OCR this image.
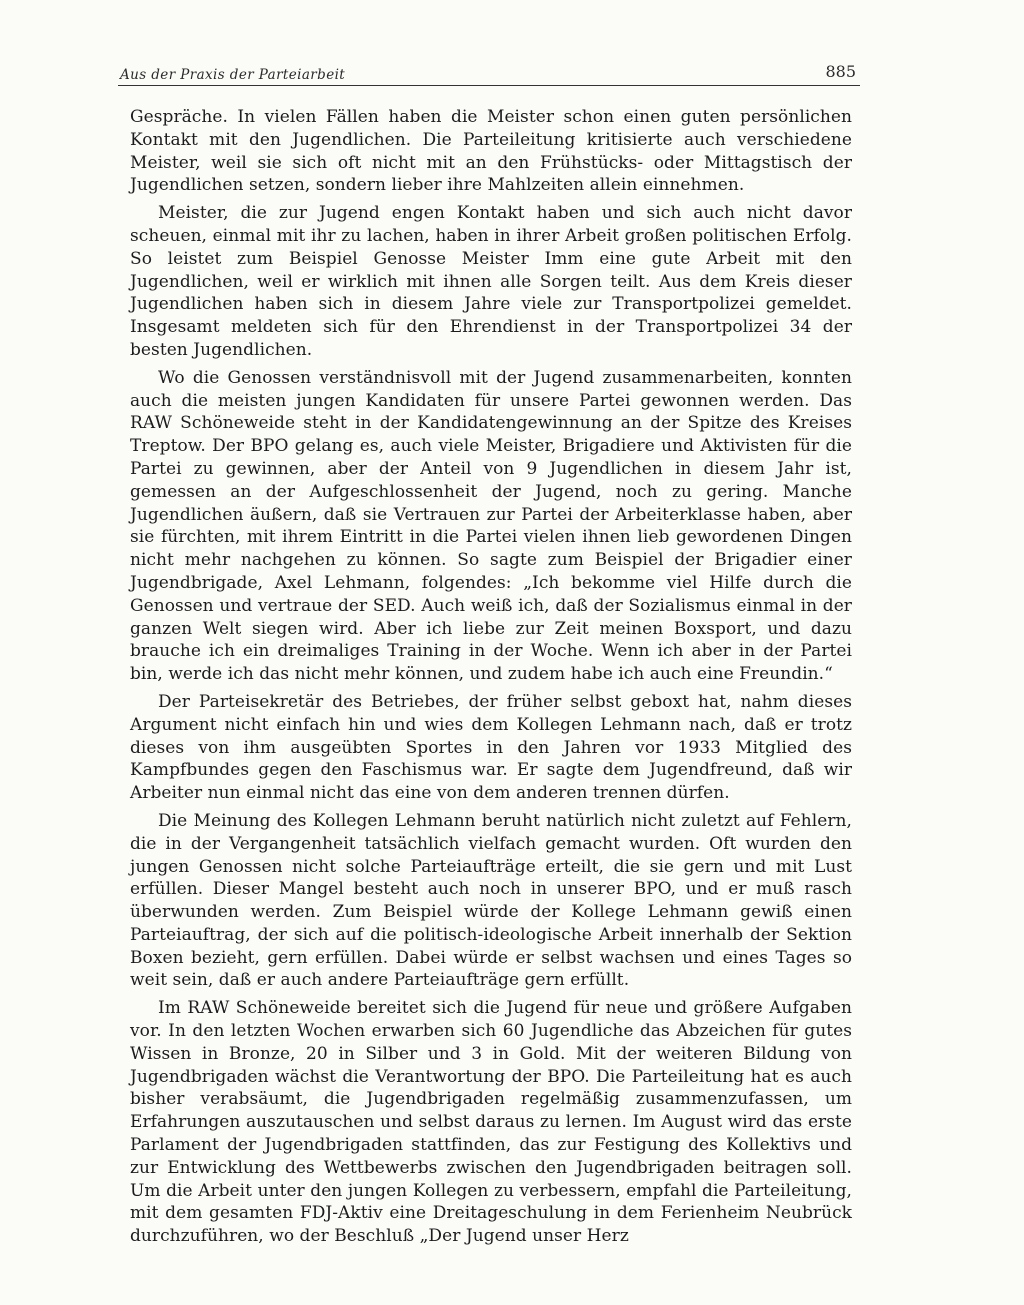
Aus der Praxis der Parteiarbeit	885

Gespräche. In vielen Fällen haben die Meister schon einen guten persönlichen Kontakt mit den Jugendlichen. Die Parteileitung kritisierte auch verschiedene Meister, weil sie sich oft nicht mit an den Frühstücks- oder Mittagstisch der Jugendlichen setzen, sondern lieber ihre Mahlzeiten allein einnehmen.

Meister, die zur Jugend engen Kontakt haben und sich auch nicht davor scheuen, einmal mit ihr zu lachen, haben in ihrer Arbeit großen politischen Erfolg. So leistet zum Beispiel Genosse Meister Imm eine gute Arbeit mit den Jugendlichen, weil er wirklich mit ihnen alle Sorgen teilt. Aus dem Kreis dieser Jugendlichen haben sich in diesem Jahre viele zur Transportpolizei gemeldet. Insgesamt meldeten sich für den Ehrendienst in der Transportpolizei 34 der besten Jugendlichen.

Wo die Genossen verständnisvoll mit der Jugend zusammenarbeiten, konnten auch die meisten jungen Kandidaten für unsere Partei gewonnen werden. Das RAW Schöneweide steht in der Kandidatengewinnung an der Spitze des Kreises Treptow. Der BPO gelang es, auch viele Meister, Brigadiere und Aktivisten für die Partei zu gewinnen, aber der Anteil von 9 Jugendlichen in diesem Jahr ist, gemessen an der Aufgeschlossenheit der Jugend, noch zu gering. Manche Jugendlichen äußern, daß sie Vertrauen zur Partei der Arbeiterklasse haben, aber sie fürchten, mit ihrem Eintritt in die Partei vielen ihnen lieb gewordenen Dingen nicht mehr nachgehen zu können. So sagte zum Beispiel der Brigadier einer Jugendbrigade, Axel Lehmann, folgendes: „Ich bekomme viel Hilfe durch die Genossen und vertraue der SED. Auch weiß ich, daß der Sozialismus einmal in der ganzen Welt siegen wird. Aber ich liebe zur Zeit meinen Boxsport, und dazu brauche ich ein dreimaliges Training in der Woche. Wenn ich aber in der Partei bin, werde ich das nicht mehr können, und zudem habe ich auch eine Freundin.“

Der Parteisekretär des Betriebes, der früher selbst geboxt hat, nahm dieses Argument nicht einfach hin und wies dem Kollegen Lehmann nach, daß er trotz dieses von ihm ausgeübten Sportes in den Jahren vor 1933 Mitglied des Kampfbundes gegen den Faschismus war. Er sagte dem Jugendfreund, daß wir Arbeiter nun einmal nicht das eine von dem anderen trennen dürfen.

Die Meinung des Kollegen Lehmann beruht natürlich nicht zuletzt auf Fehlern, die in der Vergangenheit tatsächlich vielfach gemacht wurden. Oft wurden den jungen Genossen nicht solche Parteiaufträge erteilt, die sie gern und mit Lust erfüllen. Dieser Mangel besteht auch noch in unserer BPO, und er muß rasch überwunden werden. Zum Beispiel würde der Kollege Lehmann gewiß einen Parteiauftrag, der sich auf die politisch-ideologische Arbeit innerhalb der Sektion Boxen bezieht, gern erfüllen. Dabei würde er selbst wachsen und eines Tages so weit sein, daß er auch andere Parteiaufträge gern erfüllt.

Im RAW Schöneweide bereitet sich die Jugend für neue und größere Aufgaben vor. In den letzten Wochen erwarben sich 60 Jugendliche das Abzeichen für gutes Wissen in Bronze, 20 in Silber und 3 in Gold. Mit der weiteren Bildung von Jugendbrigaden wächst die Verantwortung der BPO. Die Parteileitung hat es auch bisher verabsäumt, die Jugendbrigaden regelmäßig zusammenzufassen, um Erfahrungen auszutauschen und selbst daraus zu lernen. Im August wird das erste Parlament der Jugendbrigaden stattfinden, das zur Festigung des Kollektivs und zur Entwicklung des Wettbewerbs zwischen den Jugendbrigaden beitragen soll. Um die Arbeit unter den jungen Kollegen zu verbessern, empfahl die Parteileitung, mit dem gesamten FDJ-Aktiv eine Dreitageschulung in dem Ferienheim Neubrück durchzuführen, wo der Beschluß „Der Jugend unser Herz
